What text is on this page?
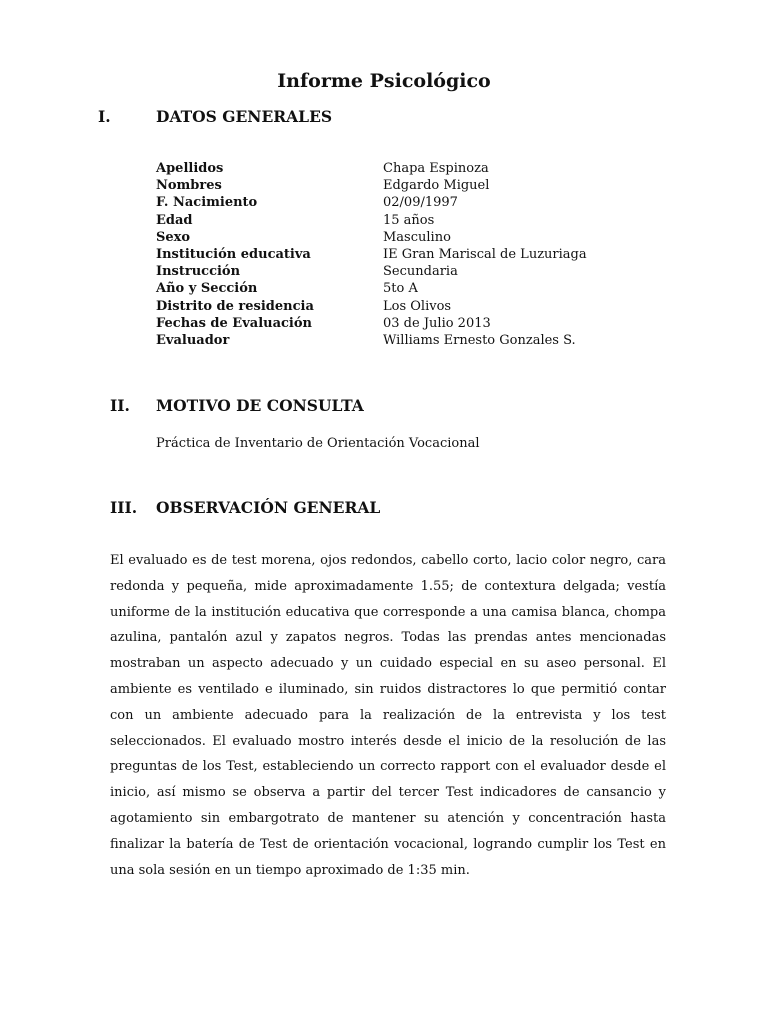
Informe Psicológico
I.	DATOS GENERALES
Apellidos	Chapa Espinoza
Nombres	Edgardo Miguel
F. Nacimiento	02/09/1997
Edad	15 años
Sexo	Masculino
Institución educativa	IE Gran Mariscal de Luzuriaga
Instrucción	Secundaria
Año y Sección	5to A
Distrito de residencia	Los Olivos
Fechas de Evaluación	03 de Julio 2013
Evaluador	Williams Ernesto Gonzales S.
II. MOTIVO DE CONSULTA
Práctica de Inventario de Orientación Vocacional
III. OBSERVACIÓN GENERAL
El evaluado es de test morena, ojos redondos, cabello corto, lacio color negro, cara redonda y pequeña, mide aproximadamente 1.55; de contextura delgada; vestía uniforme de la institución educativa que corresponde a una camisa blanca, chompa azulina, pantalón azul y zapatos negros. Todas las prendas antes mencionadas mostraban un aspecto adecuado y un cuidado especial en su aseo personal. El ambiente es ventilado e iluminado, sin ruidos distractores lo que permitió contar con un ambiente adecuado para la realización de la entrevista y los test seleccionados. El evaluado mostro interés desde el inicio de la resolución de las preguntas de los Test, estableciendo un correcto rapport con el evaluador desde el inicio, así mismo se observa a partir del tercer Test indicadores de cansancio y agotamiento sin embargotrato de mantener su atención y concentración hasta finalizar la batería de Test de orientación vocacional, logrando cumplir los Test en una sola sesión en un tiempo aproximado de 1:35 min.
